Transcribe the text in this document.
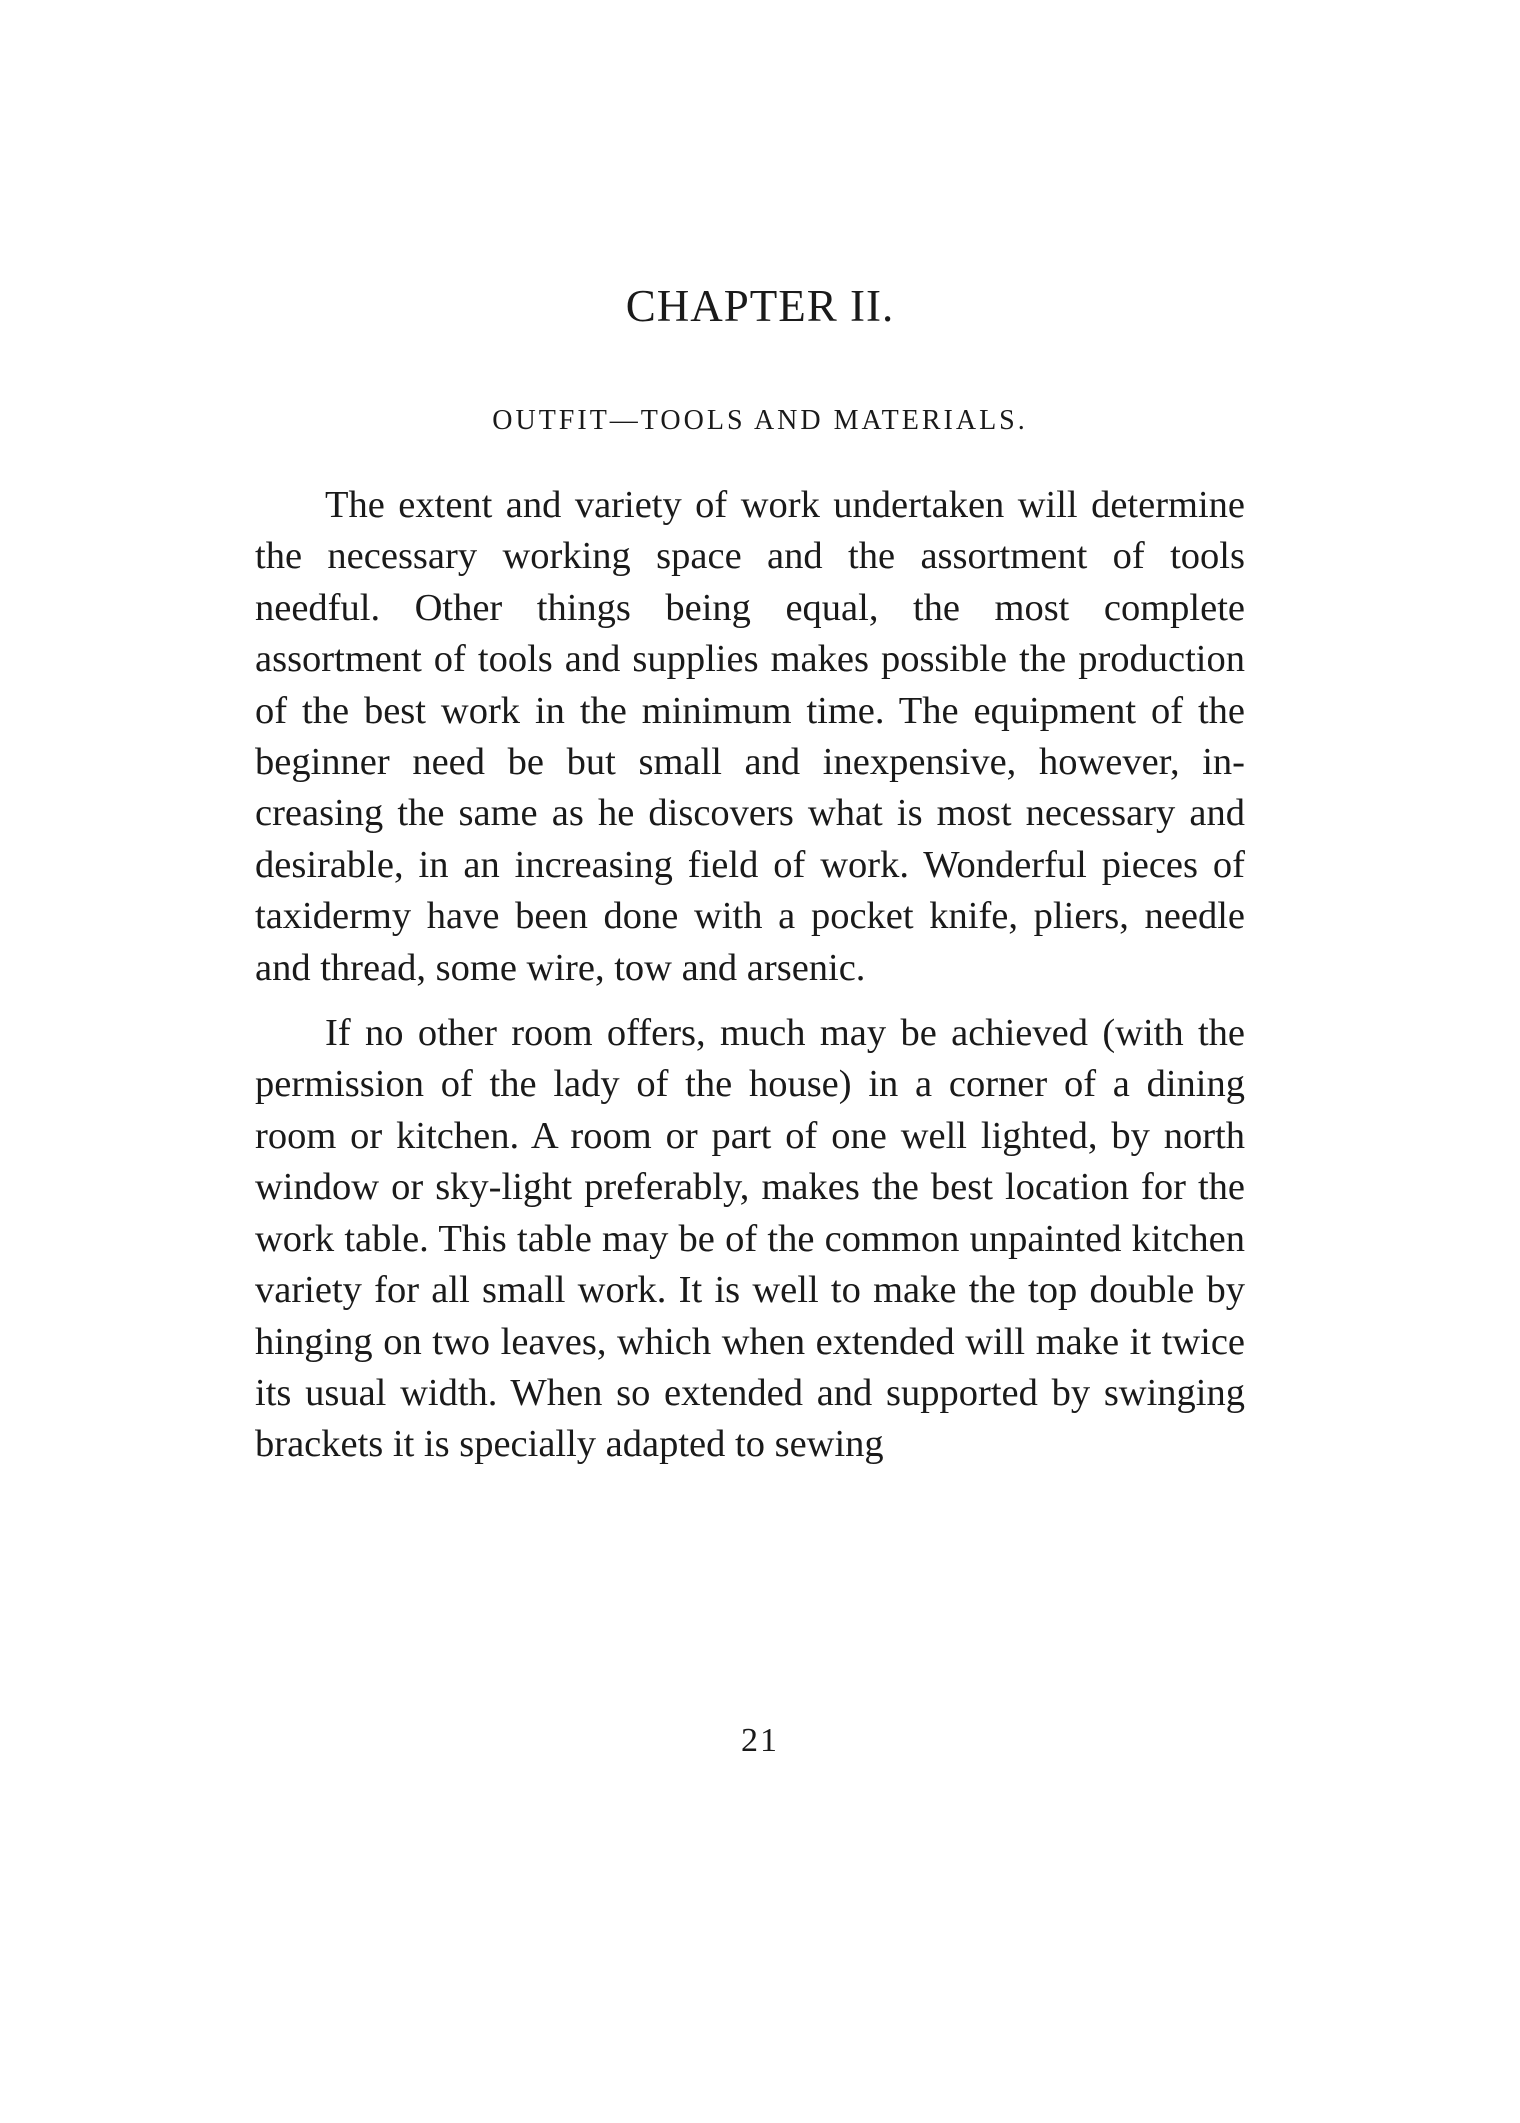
CHAPTER II.
OUTFIT—TOOLS AND MATERIALS.

The extent and variety of work undertaken will determine the necessary working space and the assortment of tools needful. Other things being equal, the most complete assortment of tools and supplies makes possible the production of the best work in the minimum time. The equipment of the beginner need be but small and inexpensive, however, increasing the same as he discovers what is most necessary and desirable, in an increasing field of work. Wonderful pieces of taxidermy have been done with a pocket knife, pliers, needle and thread, some wire, tow and arsenic.

If no other room offers, much may be achieved (with the permission of the lady of the house) in a corner of a dining room or kitchen. A room or part of one well lighted, by north window or sky-light preferably, makes the best location for the work table. This table may be of the common unpainted kitchen variety for all small work. It is well to make the top double by hinging on two leaves, which when extended will make it twice its usual width. When so extended and supported by swinging brackets it is specially adapted to sewing

21
